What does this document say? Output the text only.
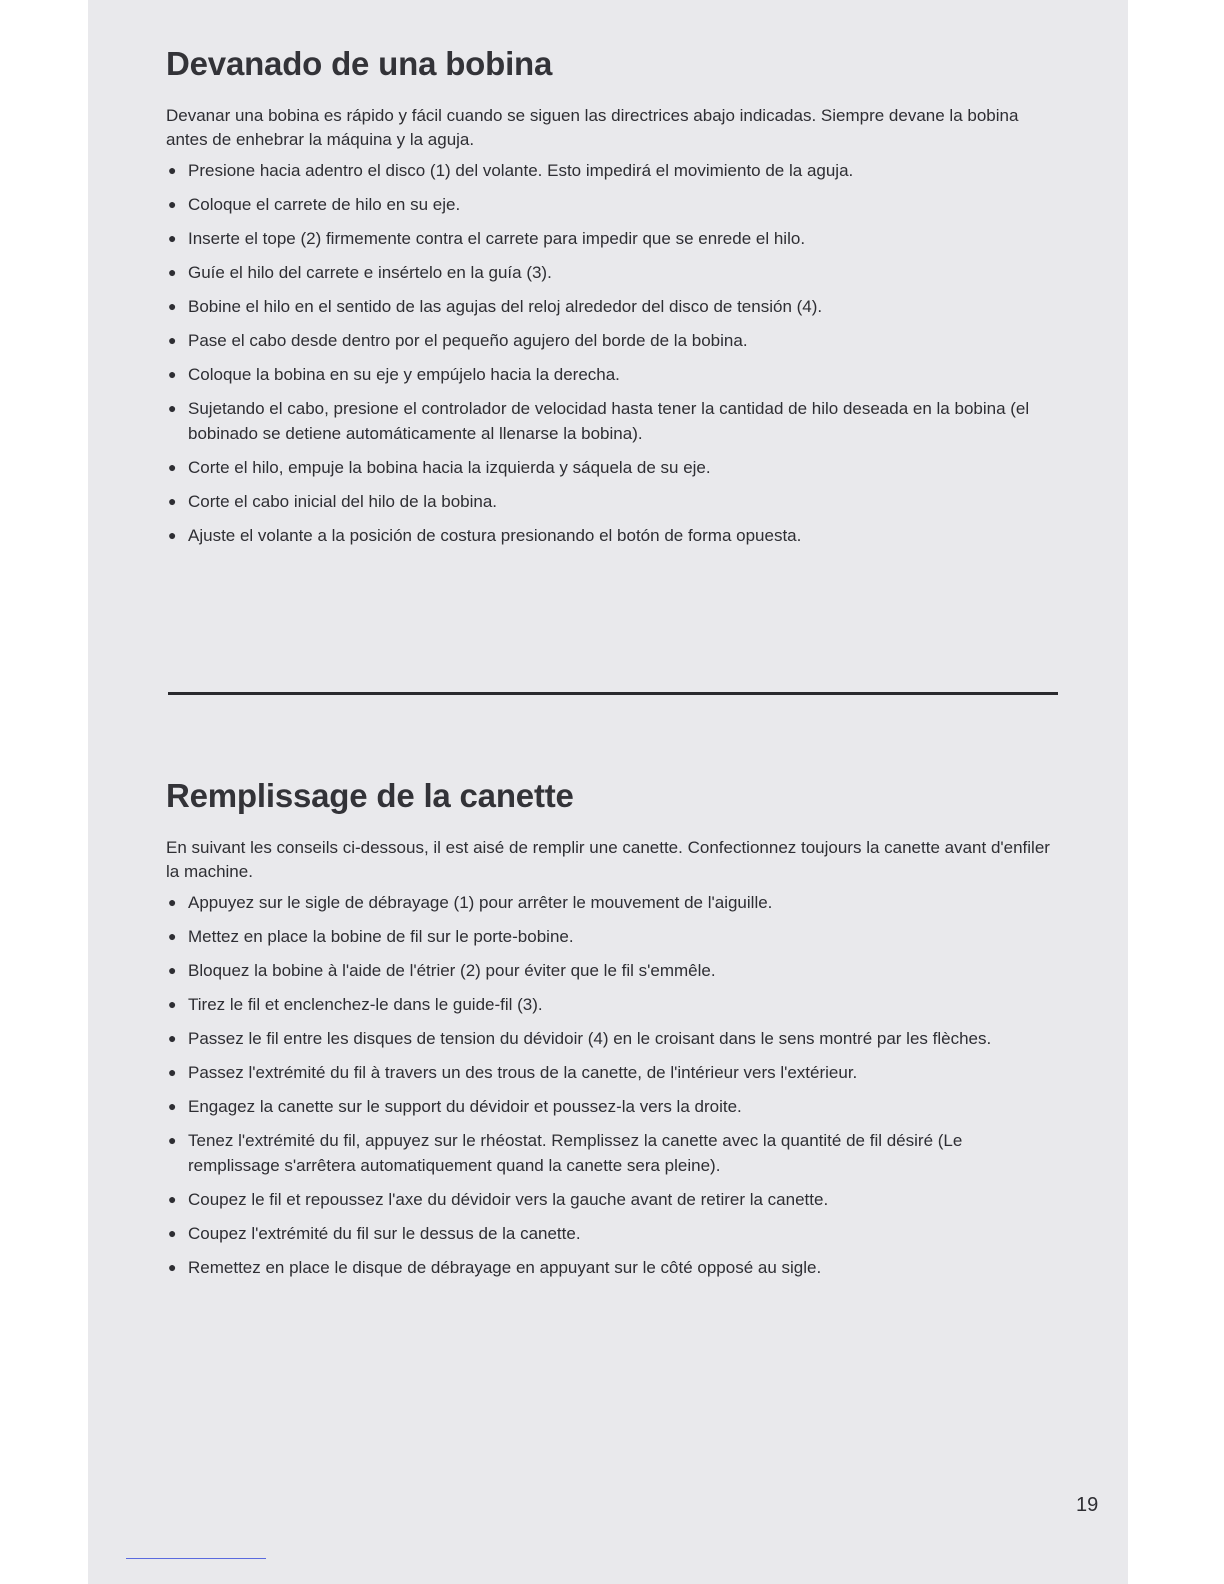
Devanado de una bobina

Devanar una bobina es rápido y fácil cuando se siguen las directrices abajo indicadas. Siempre devane la bobina antes de enhebrar la máquina y la aguja.

● Presione hacia adentro el disco (1) del volante. Esto impedirá el movimiento de la aguja.
● Coloque el carrete de hilo en su eje.
● Inserte el tope (2) firmemente contra el carrete para impedir que se enrede el hilo.
● Guíe el hilo del carrete e insértelo en la guía (3).
● Bobine el hilo en el sentido de las agujas del reloj alrededor del disco de tensión (4).
● Pase el cabo desde dentro por el pequeño agujero del borde de la bobina.
● Coloque la bobina en su eje y empújelo hacia la derecha.
● Sujetando el cabo, presione el controlador de velocidad hasta tener la cantidad de hilo deseada en la bobina (el bobinado se detiene automáticamente al llenarse la bobina).
● Corte el hilo, empuje la bobina hacia la izquierda y sáquela de su eje.
● Corte el cabo inicial del hilo de la bobina.
● Ajuste el volante a la posición de costura presionando el botón de forma opuesta.
Remplissage de la canette

En suivant les conseils ci-dessous, il est aisé de remplir une canette. Confectionnez toujours la canette avant d'enfiler la machine.

● Appuyez sur le sigle de débrayage (1) pour arrêter le mouvement de l'aiguille.
● Mettez en place la bobine de fil sur le porte-bobine.
● Bloquez la bobine à l'aide de l'étrier (2) pour éviter que le fil s'emmêle.
● Tirez le fil et enclenchez-le dans le guide-fil (3).
● Passez le fil entre les disques de tension du dévidoir (4) en le croisant dans le sens montré par les flèches.
● Passez l'extrémité du fil à travers un des trous de la canette, de l'intérieur vers l'extérieur.
● Engagez la canette sur le support du dévidoir et poussez-la vers la droite.
● Tenez l'extrémité du fil, appuyez sur le rhéostat. Remplissez la canette avec la quantité de fil désiré (Le remplissage s'arrêtera automatiquement quand la canette sera pleine).
● Coupez le fil et repoussez l'axe du dévidoir vers la gauche avant de retirer la canette.
● Coupez l'extrémité du fil sur le dessus de la canette.
● Remettez en place le disque de débrayage en appuyant sur le côté opposé au sigle.
19
